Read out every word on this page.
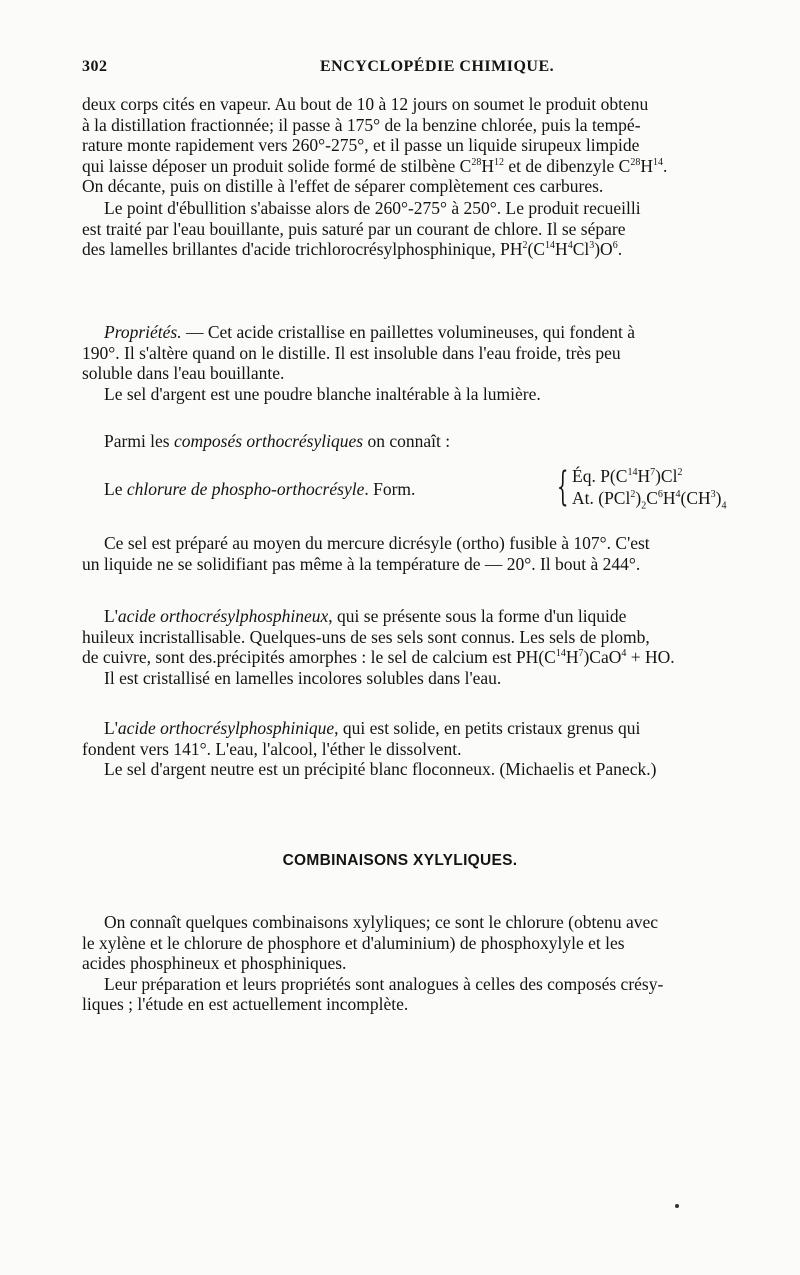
302	ENCYCLOPÉDIE CHIMIQUE.

deux corps cités en vapeur. Au bout de 10 à 12 jours on soumet le produit obtenu

à la distillation fractionnée; il passe à 175° de la benzine chlorée, puis la tempé-

rature monte rapidement vers 260°-275°, et il passe un liquide sirupeux limpide

qui laisse déposer un produit solide formé de stilbène $C^{28}H^{12}$ et de dibenzyle $C^{28}H^{14}$.

On décante, puis on distille à l'effet de séparer complètement ces carbures.

Le point d'ébullition s'abaisse alors de 260°-275° à 250°. Le produit recueilli

est traité par l'eau bouillante, puis saturé par un courant de chlore. Il se sépare

des lamelles brillantes d'acide trichlorocrésylphosphinique, $PH^2(C^{14}H^4Cl^3)O^6$.

Propriétés. — Cet acide cristallise en paillettes volumineuses, qui fondent à

190°. Il s'altère quand on le distille. Il est insoluble dans l'eau froide, très peu

soluble dans l'eau bouillante.

Le sel d'argent est une poudre blanche inaltérable à la lumière.

Parmi les composés orthocrésyliques on connaît :

Le chlorure de phospho-orthocrésyle. Form.	{ Éq. $P(C^{14}H^7)Cl^2$
At. $(PCl^2)_2C^6H^4(CH^3)_4$

Ce sel est préparé au moyen du mercure dicrésyle (ortho) fusible à 107°. C'est

un liquide ne se solidifiant pas même à la température de — 20°. Il bout à 244°.

L'acide orthocrésylphosphineux, qui se présente sous la forme d'un liquide

huileux incristallisable. Quelques-uns de ses sels sont connus. Les sels de plomb,

de cuivre, sont des.précipités amorphes : le sel de calcium est $PH(C^{14}H^7)CaO^4$ + HO.

Il est cristallisé en lamelles incolores solubles dans l'eau.

L'acide orthocrésylphosphinique, qui est solide, en petits cristaux grenus qui

fondent vers 141°. L'eau, l'alcool, l'éther le dissolvent.

Le sel d'argent neutre est un précipité blanc floconneux. (Michaelis et Paneck.)

COMBINAISONS XYLYLIQUES.

On connaît quelques combinaisons xylyliques; ce sont le chlorure (obtenu avec

le xylène et le chlorure de phosphore et d'aluminium) de phosphoxylyle et les

acides phosphineux et phosphiniques.

Leur préparation et leurs propriétés sont analogues à celles des composés crésy-

liques ; l'étude en est actuellement incomplète.
